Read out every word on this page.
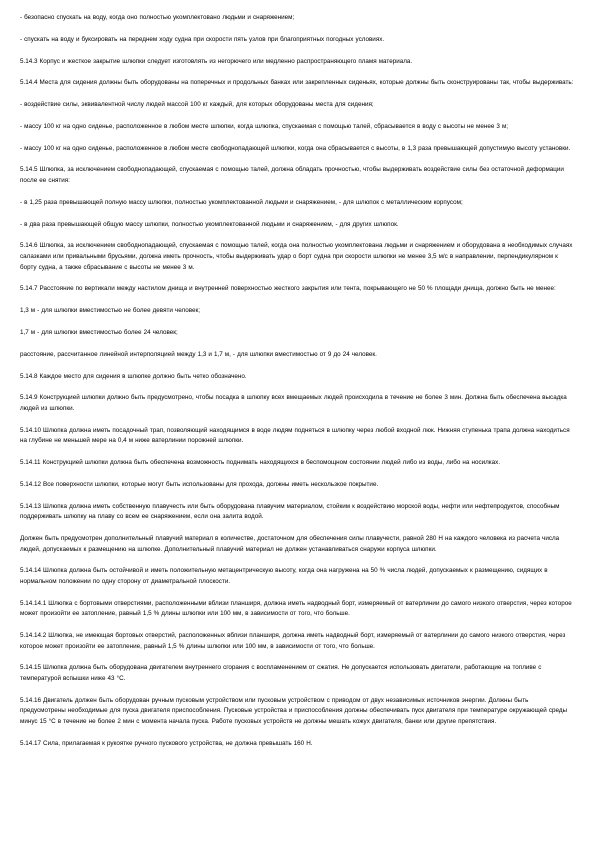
- безопасно спускать на воду, когда оно полностью укомплектовано людьми и снаряжением;

- спускать на воду и буксировать на переднем ходу судна при скорости пять узлов при благоприятных погодных условиях.

5.14.3 Корпус и жесткое закрытие шлюпки следует изготовлять из негорючего или медленно распространяющего пламя материала.

5.14.4 Места для сидения должны быть оборудованы на поперечных и продольных банках или закрепленных сиденьях, которые должны быть сконструированы так, чтобы выдерживать:

- воздействие силы, эквивалентной числу людей массой 100 кг каждый, для которых оборудованы места для сидения;

- массу 100 кг на одно сиденье, расположенное в любом месте шлюпки, когда шлюпка, спускаемая с помощью талей, сбрасывается в воду с высоты не менее 3 м;

- массу 100 кг на одно сиденье, расположенное в любом месте свободнопадающей шлюпки, когда она сбрасывается с высоты, в 1,3 раза превышающей допустимую высоту установки.

5.14.5 Шлюпка, за исключением свободнопадающей, спускаемая с помощью талей, должна обладать прочностью, чтобы выдерживать воздействие силы без остаточной деформации после ее снятия:

- в 1,25 раза превышающей полную массу шлюпки, полностью укомплектованной людьми и снаряжением, - для шлюпок с металлическим корпусом;

- в два раза превышающей общую массу шлюпки, полностью укомплектованной людьми и снаряжением, - для других шлюпок.

5.14.6 Шлюпка, за исключением свободнопадающей, спускаемая с помощью талей, когда она полностью укомплектована людьми и снаряжением и оборудована в необходимых случаях салазками или привальными брусьями, должна иметь прочность, чтобы выдерживать удар о борт судна при скорости шлюпки не менее 3,5 м/с в направлении, перпендикулярном к борту судна, а также сбрасывание с высоты не менее 3 м.

5.14.7 Расстояние по вертикали между настилом днища и внутренней поверхностью жесткого закрытия или тента, покрывающего не 50 % площади днища, должно быть не менее:

1,3 м - для шлюпки вместимостью не более девяти человек;

1,7 м - для шлюпки вместимостью более 24 человек;

расстояние, рассчитанное линейной интерполяцией между 1,3 и 1,7 м, - для шлюпки вместимостью от 9 до 24 человек.

5.14.8 Каждое место для сидения в шлюпке должно быть четко обозначено.

5.14.9 Конструкцией шлюпки должно быть предусмотрено, чтобы посадка в шлюпку всех вмещаемых людей происходила в течение не более 3 мин. Должна быть обеспечена высадка людей из шлюпки.

5.14.10 Шлюпка должна иметь посадочный трап, позволяющий находящимся в воде людям подняться в шлюпку через любой входной люк. Нижняя ступенька трапа должна находиться на глубине не меньшей мере на 0,4 м ниже ватерлинии порожней шлюпки.

5.14.11 Конструкцией шлюпки должна быть обеспечена возможность поднимать находящихся в беспомощном состоянии людей либо из воды, либо на носилках.

5.14.12 Все поверхности шлюпки, которые могут быть использованы для прохода, должны иметь нескользкое покрытие.

5.14.13 Шлюпка должна иметь собственную плавучесть или быть оборудована плавучим материалом, стойким к воздействию морской воды, нефти или нефтепродуктов, способным поддерживать шлюпку на плаву со всем ее снаряжением, если она залита водой.

Должен быть предусмотрен дополнительный плавучий материал в количестве, достаточном для обеспечения силы плавучести, равной 280 Н на каждого человека из расчета числа людей, допускаемых к размещению на шлюпке. Дополнительный плавучий материал не должен устанавливаться снаружи корпуса шлюпки.

5.14.14 Шлюпка должна быть остойчивой и иметь положительную метацентрическую высоту, когда она нагружена на 50 % числа людей, допускаемых к размещению, сидящих в нормальном положении по одну сторону от диаметральной плоскости.

5.14.14.1 Шлюпка с бортовыми отверстиями, расположенными вблизи планширя, должна иметь надводный борт, измеряемый от ватерлинии до самого низкого отверстия, через которое может произойти ее затопление, равный 1,5 % длины шлюпки или 100 мм, в зависимости от того, что больше.

5.14.14.2 Шлюпка, не имеющая бортовых отверстий, расположенных вблизи планширя, должна иметь надводный борт, измеряемый от ватерлинии до самого низкого отверстия, через которое может произойти ее затопление, равный 1,5 % длины шлюпки или 100 мм, в зависимости от того, что больше.

5.14.15 Шлюпка должна быть оборудована двигателем внутреннего сгорания с воспламенением от сжатия. Не допускается использовать двигатели, работающие на топливе с температурой вспышки ниже 43 °С.

5.14.16 Двигатель должен быть оборудован ручным пусковым устройством или пусковым устройством с приводом от двух независимых источников энергии. Должны быть предусмотрены необходимые для пуска двигателя приспособления. Пусковые устройства и приспособления должны обеспечивать пуск двигателя при температуре окружающей среды минус 15 °С в течение не более 2 мин с момента начала пуска. Работе пусковых устройств не должны мешать кожух двигателя, банки или другие препятствия.

5.14.17 Сила, прилагаемая к рукоятке ручного пускового устройства, не должна превышать 160 Н.
